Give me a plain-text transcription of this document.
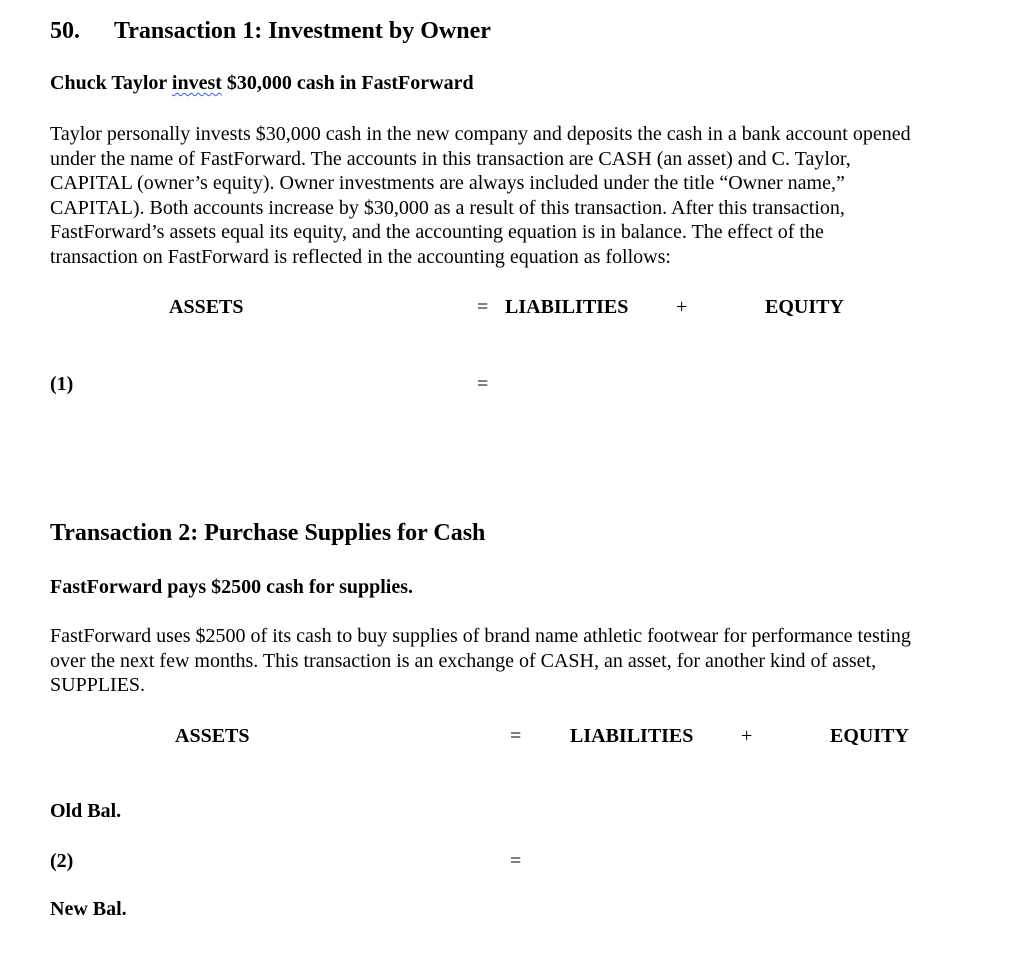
50. Transaction 1: Investment by Owner
Chuck Taylor invest $30,000 cash in FastForward
Taylor personally invests $30,000 cash in the new company and deposits the cash in a bank account opened
under the name of FastForward. The accounts in this transaction are CASH (an asset) and C. Taylor,
CAPITAL (owner’s equity). Owner investments are always included under the title “Owner name,”
CAPITAL). Both accounts increase by $30,000 as a result of this transaction. After this transaction,
FastForward’s assets equal its equity, and the accounting equation is in balance. The effect of the
transaction on FastForward is reflected in the accounting equation as follows:
ASSETS	= LIABILITIES +	EQUITY
(1)	=
Transaction 2: Purchase Supplies for Cash
FastForward pays $2500 cash for supplies.
FastForward uses $2500 of its cash to buy supplies of brand name athletic footwear for performance testing
over the next few months. This transaction is an exchange of CASH, an asset, for another kind of asset,
SUPPLIES.
ASSETS	= LIABILITIES +	EQUITY
Old Bal.
(2)	=
New Bal.
